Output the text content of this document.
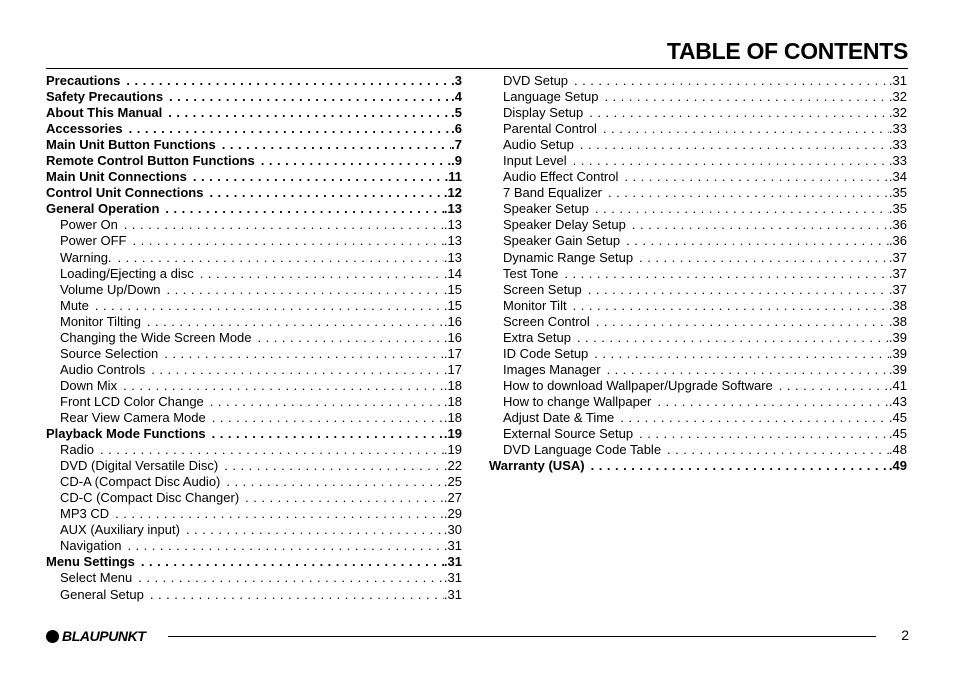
TABLE OF CONTENTS
Precautions . . .	.3
Safety Precautions . . .	.4
About This Manual . . .	.5
Accessories . . .	.6
Main Unit Button Functions . . .	.7
Remote Control Button Functions . . .	.9
Main Unit Connections . . .	.11
Control Unit Connections . . .	.12
General Operation . . .	.13
Power On . . .	.13
Power OFF . . .	.13
Warning. . . .	.13
Loading/Ejecting a disc . . .	.14
Volume Up/Down . . .	.15
Mute . . .	.15
Monitor Tilting . . .	.16
Changing the Wide Screen Mode . . .	.16
Source Selection . . .	.17
Audio Controls . . .	.17
Down Mix . . .	.18
Front LCD Color Change . . .	.18
Rear View Camera Mode . . .	.18
Playback Mode Functions . . .	.19
Radio . . .	.19
DVD (Digital Versatile Disc) . . .	.22
CD-A (Compact Disc Audio) . . .	.25
CD-C (Compact Disc Changer) . . .	.27
MP3 CD . . .	.29
AUX (Auxiliary input) . . .	.30
Navigation . . .	.31
Menu Settings . . .	.31
Select Menu . . .	.31
General Setup . . .	.31
DVD Setup . . .	.31
Language Setup . . .	.32
Display Setup . . .	.32
Parental Control . . .	.33
Audio Setup . . .	.33
Input Level . . .	.33
Audio Effect Control . . .	.34
7 Band Equalizer . . .	.35
Speaker Setup . . .	.35
Speaker Delay Setup . . .	.36
Speaker Gain Setup . . .	.36
Dynamic Range Setup . . .	.37
Test Tone . . .	.37
Screen Setup . . .	.37
Monitor Tilt . . .	.38
Screen Control . . .	.38
Extra Setup . . .	.39
ID Code Setup . . .	.39
Images Manager . . .	.39
How to download Wallpaper/Upgrade Software . . .	.41
How to change Wallpaper . . .	.43
Adjust Date & Time . . .	.45
External Source Setup . . .	.45
DVD Language Code Table . . .	.48
Warranty (USA) . . .	.49
BLAUPUNKT	2
